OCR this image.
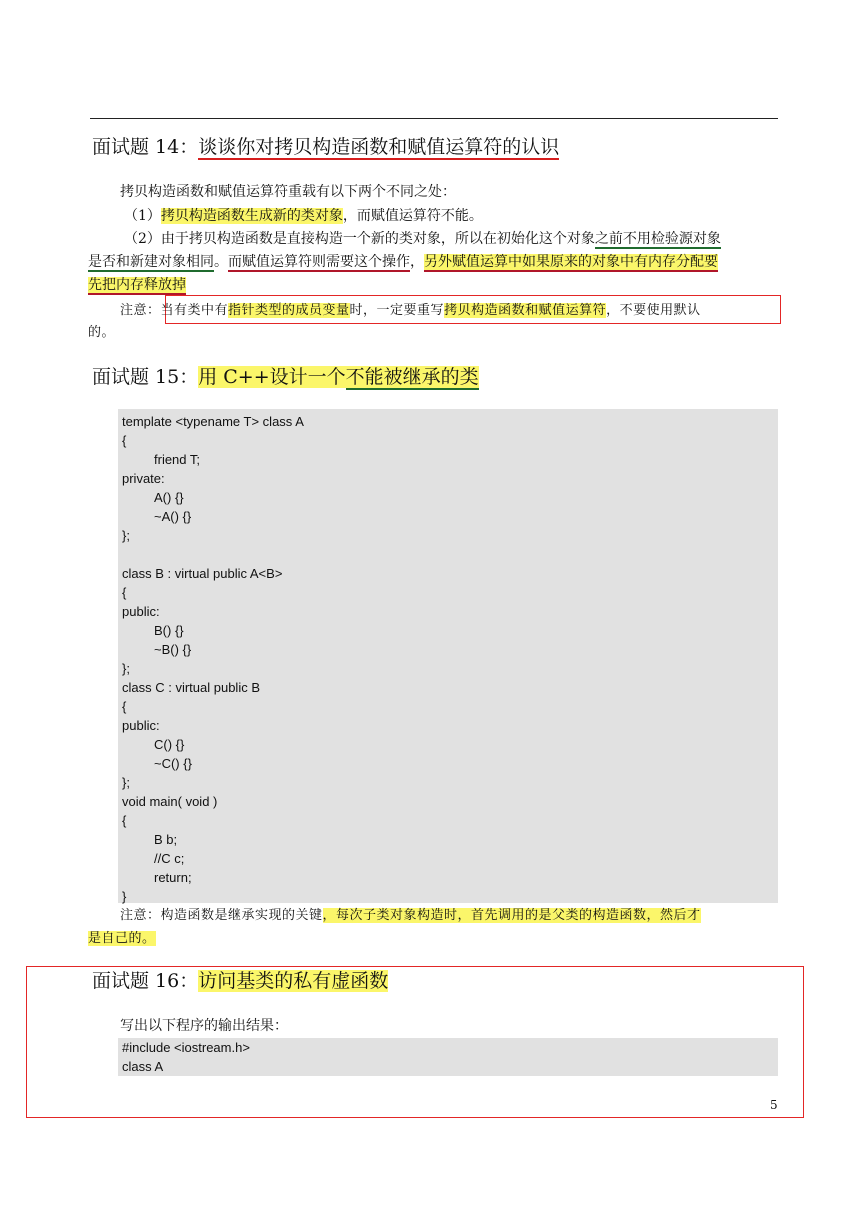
面试题 14：谈谈你对拷贝构造函数和赋值运算符的认识
拷贝构造函数和赋值运算符重载有以下两个不同之处：
（1）拷贝构造函数生成新的类对象，而赋值运算符不能。
（2）由于拷贝构造函数是直接构造一个新的类对象，所以在初始化这个对象之前不用检验源对象
是否和新建对象相同。而赋值运算符则需要这个操作，另外赋值运算中如果原来的对象中有内存分配要
先把内存释放掉
注意：当有类中有指针类型的成员变量时，一定要重写拷贝构造函数和赋值运算符，不要使用默认
的。
面试题 15：用 C++设计一个不能被继承的类
template <typename T> class A
{
friend T;
private:
A() {}
~A() {}
};
class B : virtual public A<B>
{
public:
B() {}
~B() {}
};
class C : virtual public B
{
public:
C() {}
~C() {}
};
void main( void )
{
B b;
//C c;
return;
}
注意：构造函数是继承实现的关键，每次子类对象构造时，首先调用的是父类的构造函数，然后才
是自己的。
面试题 16：访问基类的私有虚函数
写出以下程序的输出结果：
#include <iostream.h>
class A
5
